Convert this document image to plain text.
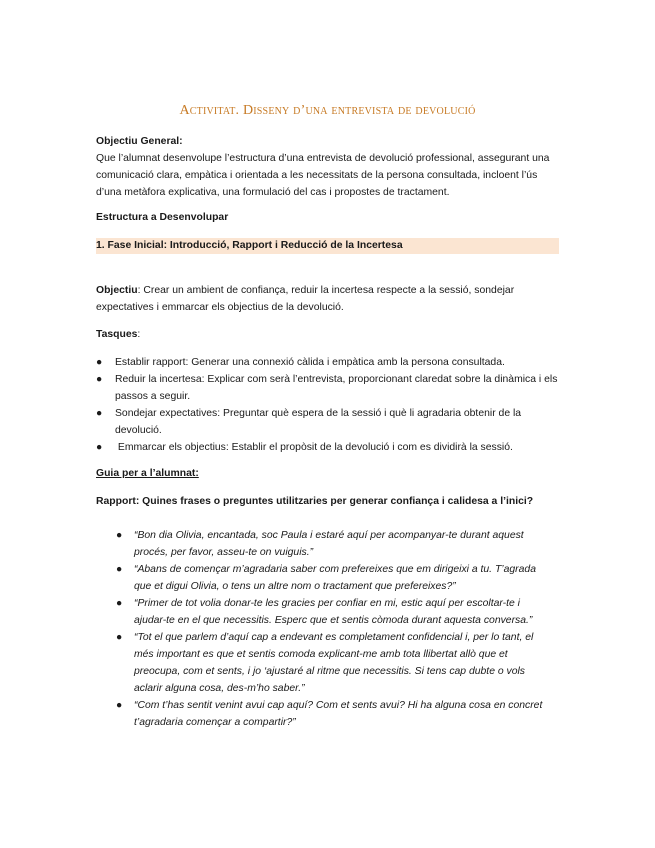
Activitat. Disseny d’una entrevista de devolució

Objectiu General:
Que l’alumnat desenvolupe l’estructura d’una entrevista de devolució professional, assegurant una comunicació clara, empàtica i orientada a les necessitats de la persona consultada, incloent l’ús d’una metàfora explicativa, una formulació del cas i propostes de tractament.

Estructura a Desenvolupar

1. Fase Inicial: Introducció, Rapport i Reducció de la Incertesa

Objectiu: Crear un ambient de confiança, reduir la incertesa respecte a la sessió, sondejar expectatives i emmarcar els objectius de la devolució.

Tasques:

● Establir rapport: Generar una connexió càlida i empàtica amb la persona consultada.
● Reduir la incertesa: Explicar com serà l’entrevista, proporcionant claredat sobre la dinàmica i els passos a seguir.
● Sondejar expectatives: Preguntar què espera de la sessió i què li agradaria obtenir de la devolució.
● Emmarcar els objectius: Establir el propòsit de la devolució i com es dividirà la sessió.

Guia per a l’alumnat:

Rapport: Quines frases o preguntes utilitzaries per generar confiança i calidesa a l’inici?

● “Bon dia Olivia, encantada, soc Paula i estaré aquí per acompanyar-te durant aquest procés, per favor, asseu-te on vuiguis.”
● “Abans de començar m’agradaria saber com prefereixes que em dirigeixi a tu. T’agrada que et digui Olivia, o tens un altre nom o tractament que prefereixes?”
● “Primer de tot volia donar-te les gracies per confiar en mi, estic aquí per escoltar-te i ajudar-te en el que necessitis. Esperc que et sentis còmoda durant aquesta conversa.”
● “Tot el que parlem d’aquí cap a endevant es completament confidencial i, per lo tant, el més important es que et sentis comoda explicant-me amb tota llibertat allò que et preocupa, com et sents, i jo ‘ajustaré al ritme que necessitis. Si tens cap dubte o vols aclarir alguna cosa, des-m’ho saber.”
● “Com t’has sentit venint avui cap aquí? Com et sents avui? Hi ha alguna cosa en concret t’agradaria començar a compartir?”
